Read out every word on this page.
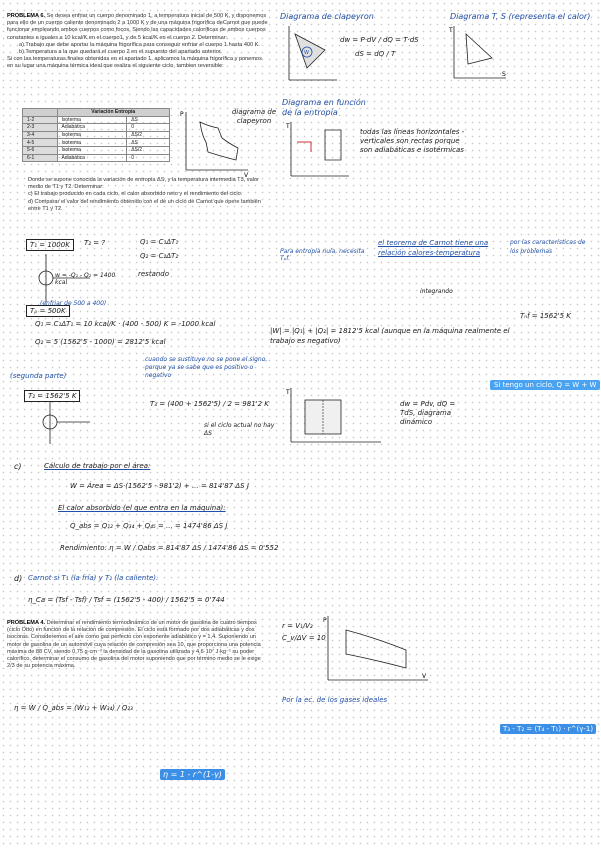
PROBLEMA 6. Se desea enfriar un cuerpo denominado 1, a temperatura inicial de 500 K, y disponemos para ello de un cuerpo caliente denominado 2 a 1000 K y de una máquina frigorífica deCarnot que puede funcionar empleando ambos cuerpos como focos. Siendo las capacidades caloríficas de ambos cuerpos constantes e iguales a 10 kcal/K en el cuerpo1, y de 5 kcal/K en el cuerpo 2. Determinar:
a) Trabajo que debe aportar la máquina frigorífica para conseguir enfriar el cuerpo 1 hasta 400 K.
b) Temperatura a la que quedará el cuerpo 2 en el supuesto del apartado anterior.
Si con las temperaturas finales obtenidas en el apartado 1, aplicamos la máquina frigorífica y ponemos en su lugar una máquina térmica ideal que realiza el siguiente ciclo, tambien reversible:
	Variación Entropía	
1-2	Isoterma	ΔS
2-3	Adiabática	0
3-4	Isoterma	ΔS/2
4-5	Isoterma	ΔS
5-6	Isoterma	ΔS/2
6-1	Adiabática	0
P
V
diagrama de clapeyron
Donde se supone conocida la variación de entropía ΔS, y la temperatura intermedia T3, valor medio de T1 y T2. Determinar:
c) El trabajo producido en cada ciclo, el calor absorbido neto y el rendimiento del ciclo.
d) Comparar el valor del rendimiento obtenido con el de un ciclo de Carnot que opere también entre T1 y T2.
Diagrama de clapeyron
W
dw = P·dV / dQ = T·dS
dS = dQ / T
Diagrama T, S (representa el calor)
T
S
Diagrama en función de la entropía
T
todas las líneas horizontales - verticales son rectas porque son adiabáticas e isotérmicas
T₁ = 1000K	T₂ = ?
w = -Q₁ - Q₂ = 1400 kcal
Tₚ = 500K
(enfriar de 500 a 400)
Q₁ = C₁ΔT₁
Q₂ = C₂ΔT₂
restando
Para entropía nula, necesita Tₚf.
el teorema de Carnot tiene una relación calores-temperatura
por las características de los problemas
integrando
Tₙf = 1562'5 K
Q₁ = C₁ΔT₁ = 10 kcal/K · (400 - 500) K = -1000 kcal
Q₂ = 5 (1562'5 - 1000) = 2812'5 kcal
|W| = |Q₁| + |Q₂| = 1812'5 kcal (aunque en la máquina realmente el trabajo es negativo)
cuando se sustituye no se pone el signo, porque ya se sabe que es positivo o negativo
(segunda parte)
T₂ = 1562'5 K
T₃ = (400 + 1562'5) / 2 = 981'2 K
T
si el ciclo actual no hay ΔS
dw = Pdv, dQ = TdS, diagrama dinámico
Si tengo un ciclo, Q = W + W
c)	Cálculo de trabajo por el área:
W = Área = ΔS·(1562'5 - 981'2) + ... = 814'87 ΔS J
El calor absorbido (el que entra en la máquina):
Q_abs = Q₁₂ + Q₃₄ + Q₄₅ = ... = 1474'86 ΔS J
Rendimiento: η = W / Qabs = 814'87 ΔS / 1474'86 ΔS = 0'552
d) Carnot si T₁ (la fría) y T₂ (la caliente).
η_Ca = (Tsf - Tsf) / Tsf = (1562'5 - 400) / 1562'5 = 0'744
PROBLEMA 4. Determinar el rendimiento termodinámico de un motor de gasolina de cuatro tiempos (ciclo Otto) en función de la relación de compresión. El ciclo está formado por dos adiabáticas y dos isocoras. Consideremos el aire como gas perfecto con exponente adiabático γ = 1,4. Suponiendo un motor de gasolina de un automóvil cuya relación de compresión sea 10, que proporciona una potencia máxima de 88 CV, siendo 0,75 g·cm⁻³ la densidad de la gasolina utilizada y 4,6·10⁷ J·kg⁻¹ su poder calorífico, determinar el consumo de gasolina del motor suponiendo que por término medio se le exige 2/3 de su potencia máxima.
r = V₁/V₂
C_v/ΔV = 10
P
V
η = W / Q_abs = (W₁₂ + W₃₄) / Q₂₃
Por la ec. de los gases ideales
T₃ - T₂ = (T₄ - T₁) · r^(γ-1)
η = 1 - r^(1-γ)
